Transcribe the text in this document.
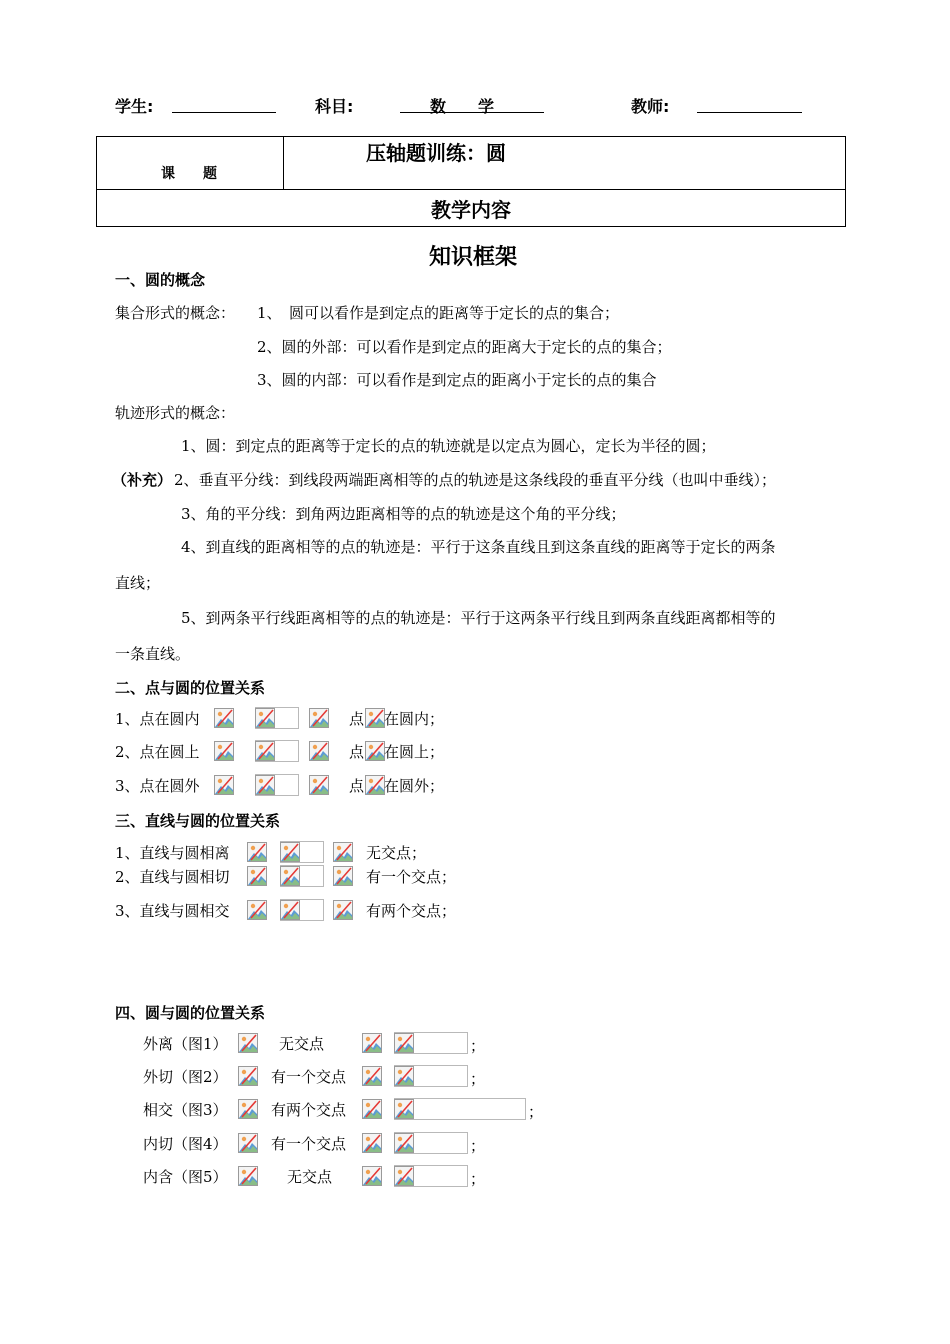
学生:	科目:	数　　学	教师:
课　　题

压轴题训练：圆

教学内容
知识框架
一、圆的概念
集合形式的概念： 1、　圆可以看作是到定点的距离等于定长的点的集合；
2、圆的外部：可以看作是到定点的距离大于定长的点的集合；
3、圆的内部：可以看作是到定点的距离小于定长的点的集合
轨迹形式的概念：
1、圆：到定点的距离等于定长的点的轨迹就是以定点为圆心，定长为半径的圆；
（补充） 2、垂直平分线：到线段两端距离相等的点的轨迹是这条线段的垂直平分线（也叫中垂线）；
3、角的平分线：到角两边距离相等的点的轨迹是这个角的平分线；
4、到直线的距离相等的点的轨迹是：平行于这条直线且到这条直线的距离等于定长的两条
直线；
5、到两条平行线距离相等的点的轨迹是：平行于这两条平行线且到两条直线距离都相等的
一条直线。
二、点与圆的位置关系
1、点在圆内	点 在圆内；
2、点在圆上	点 在圆上；
3、点在圆外	点 在圆外；
三、直线与圆的位置关系
1、直线与圆相离	无交点；
2、直线与圆相切	有一个交点；
3、直线与圆相交	有两个交点；
四、圆与圆的位置关系
外离（图1）	无交点	；
外切（图2）	有一个交点	；
相交（图3）	有两个交点	；
内切（图4）	有一个交点	；
内含（图5）	无交点	；
